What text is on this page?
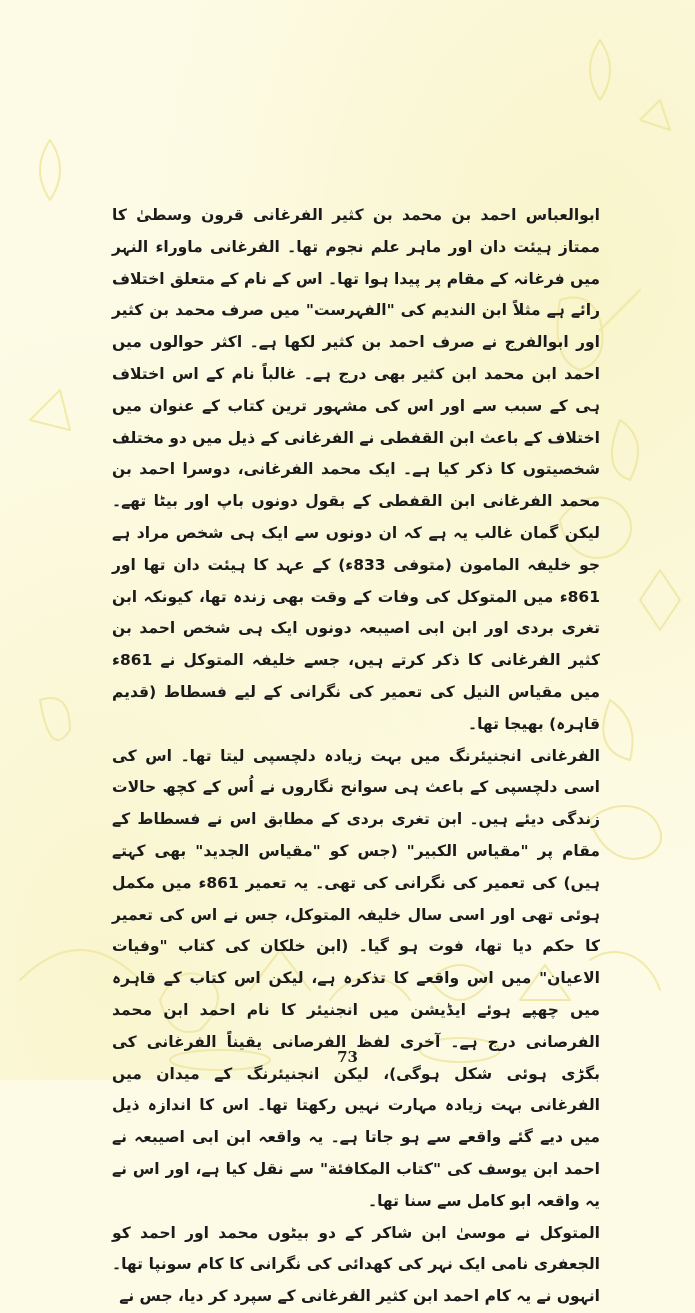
ابوالعباس احمد بن محمد بن کثیر الفرغانی قرون وسطیٰ کا ممتاز ہیئت دان اور ماہر علم نجوم تھا۔ الفرغانی ماوراء النہر میں فرغانہ کے مقام پر پیدا ہوا تھا۔ اس کے نام کے متعلق اختلاف رائے ہے مثلاً ابن الندیم کی "الفہرست" میں صرف محمد بن کثیر اور ابوالفرج نے صرف احمد بن کثیر لکھا ہے۔ اکثر حوالوں میں احمد ابن محمد ابن کثیر بھی درج ہے۔ غالباً نام کے اس اختلاف ہی کے سبب سے اور اس کی مشہور ترین کتاب کے عنوان میں اختلاف کے باعث ابن القفطی نے الفرغانی کے ذیل میں دو مختلف شخصیتوں کا ذکر کیا ہے۔ ایک محمد الفرغانی، دوسرا احمد بن محمد الفرغانی ابن القفطی کے بقول دونوں باپ اور بیٹا تھے۔ لیکن گمان غالب یہ ہے کہ ان دونوں سے ایک ہی شخص مراد ہے جو خلیفہ المامون (متوفی 833ء) کے عہد کا ہیئت دان تھا اور 861ء میں المتوکل کی وفات کے وقت بھی زندہ تھا، کیونکہ ابن تغری بردی اور ابن ابی اصیبعہ دونوں ایک ہی شخص احمد بن کثیر الفرغانی کا ذکر کرتے ہیں، جسے خلیفہ المتوکل نے 861ء میں مقیاس النیل کی تعمیر کی نگرانی کے لیے فسطاط (قدیم قاہرہ) بھیجا تھا۔

الفرغانی انجنیئرنگ میں بہت زیادہ دلچسپی لیتا تھا۔ اس کی اسی دلچسپی کے باعث ہی سوانح نگاروں نے اُس کے کچھ حالات زندگی دیئے ہیں۔ ابن تغری بردی کے مطابق اس نے فسطاط کے مقام پر "مقیاس الکبیر" (جس کو "مقیاس الجدید" بھی کہتے ہیں) کی تعمیر کی نگرانی کی تھی۔ یہ تعمیر 861ء میں مکمل ہوئی تھی اور اسی سال خلیفہ المتوکل، جس نے اس کی تعمیر کا حکم دیا تھا، فوت ہو گیا۔ (ابن خلکان کی کتاب "وفیات الاعیان" میں اس واقعے کا تذکرہ ہے، لیکن اس کتاب کے قاہرہ میں چھپے ہوئے ایڈیشن میں انجنیئر کا نام احمد ابن محمد الفرصانی درج ہے۔ آخری لفظ الفرصانی یقیناً الفرغانی کی بگڑی ہوئی شکل ہوگی)، لیکن انجنیئرنگ کے میدان میں الفرغانی بہت زیادہ مہارت نہیں رکھتا تھا۔ اس کا اندازہ ذیل میں دیے گئے واقعے سے ہو جاتا ہے۔ یہ واقعہ ابن ابی اصیبعہ نے احمد ابن یوسف کی "کتاب المکافئة" سے نقل کیا ہے، اور اس نے یہ واقعہ ابو کامل سے سنا تھا۔

المتوکل نے موسیٰ ابن شاکر کے دو بیٹوں محمد اور احمد کو الجعفری نامی ایک نہر کی کھدائی کی نگرانی کا کام سونپا تھا۔ انہوں نے یہ کام احمد ابن کثیر الفرغانی کے سپرد کر دیا، جس نے

73
